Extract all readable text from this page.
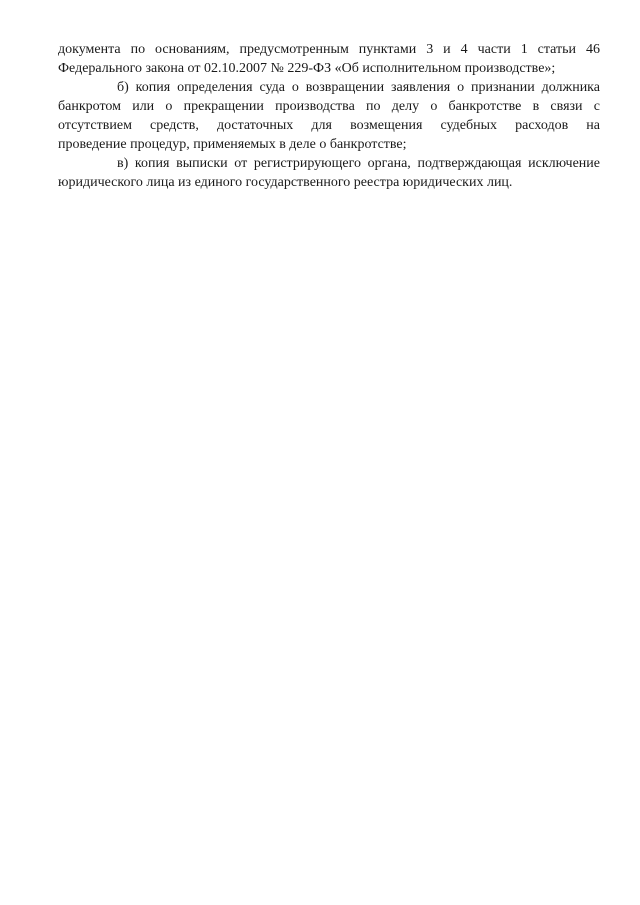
документа по основаниям, предусмотренным пунктами 3 и 4 части 1 статьи 46
Федерального закона от 02.10.2007 № 229-ФЗ «Об исполнительном производстве»;

б) копия определения суда о возвращении заявления о признании должника
банкротом или о прекращении производства по делу о банкротстве в связи с
отсутствием средств, достаточных для возмещения судебных расходов на
проведение процедур, применяемых в деле о банкротстве;

в) копия выписки от регистрирующего органа, подтверждающая исключение
юридического лица из единого государственного реестра юридических лиц.
